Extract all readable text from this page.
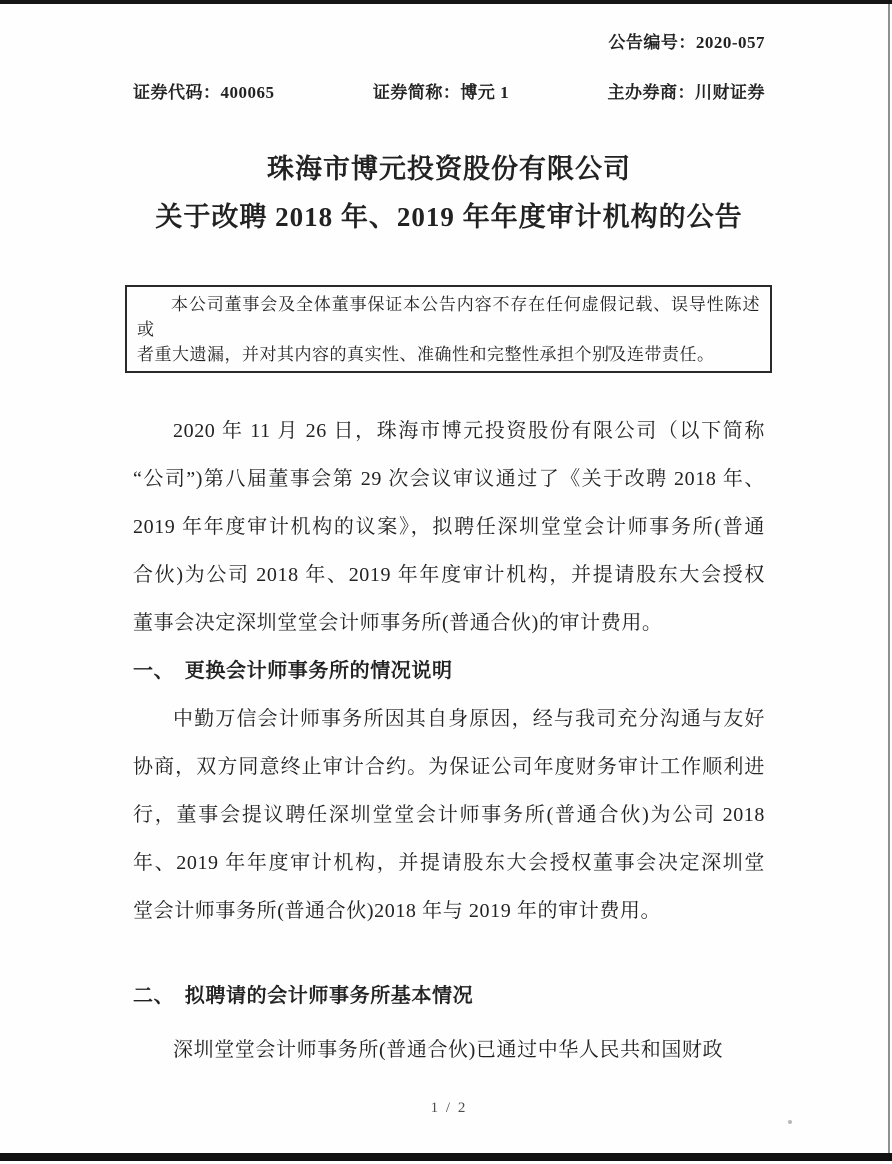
公告编号：2020-057
证券代码：400065	证券简称：博元 1	主办券商：川财证券
珠海市博元投资股份有限公司
关于改聘 2018 年、2019 年年度审计机构的公告
本公司董事会及全体董事保证本公告内容不存在任何虚假记载、误导性陈述或
者重大遗漏，并对其内容的真实性、准确性和完整性承担个别及连带责任。
2020 年 11 月 26 日，珠海市博元投资股份有限公司（以下简称
“公司”)第八届董事会第 29 次会议审议通过了《关于改聘 2018 年、
2019 年年度审计机构的议案》，拟聘任深圳堂堂会计师事务所(普通
合伙)为公司 2018 年、2019 年年度审计机构，并提请股东大会授权
董事会决定深圳堂堂会计师事务所(普通合伙)的审计费用。
一、　更换会计师事务所的情况说明
中勤万信会计师事务所因其自身原因，经与我司充分沟通与友好
协商，双方同意终止审计合约。为保证公司年度财务审计工作顺利进
行，董事会提议聘任深圳堂堂会计师事务所(普通合伙)为公司 2018
年、2019 年年度审计机构，并提请股东大会授权董事会决定深圳堂
堂会计师事务所(普通合伙)2018 年与 2019 年的审计费用。
二、　拟聘请的会计师事务所基本情况
深圳堂堂会计师事务所(普通合伙)已通过中华人民共和国财政
1 / 2
